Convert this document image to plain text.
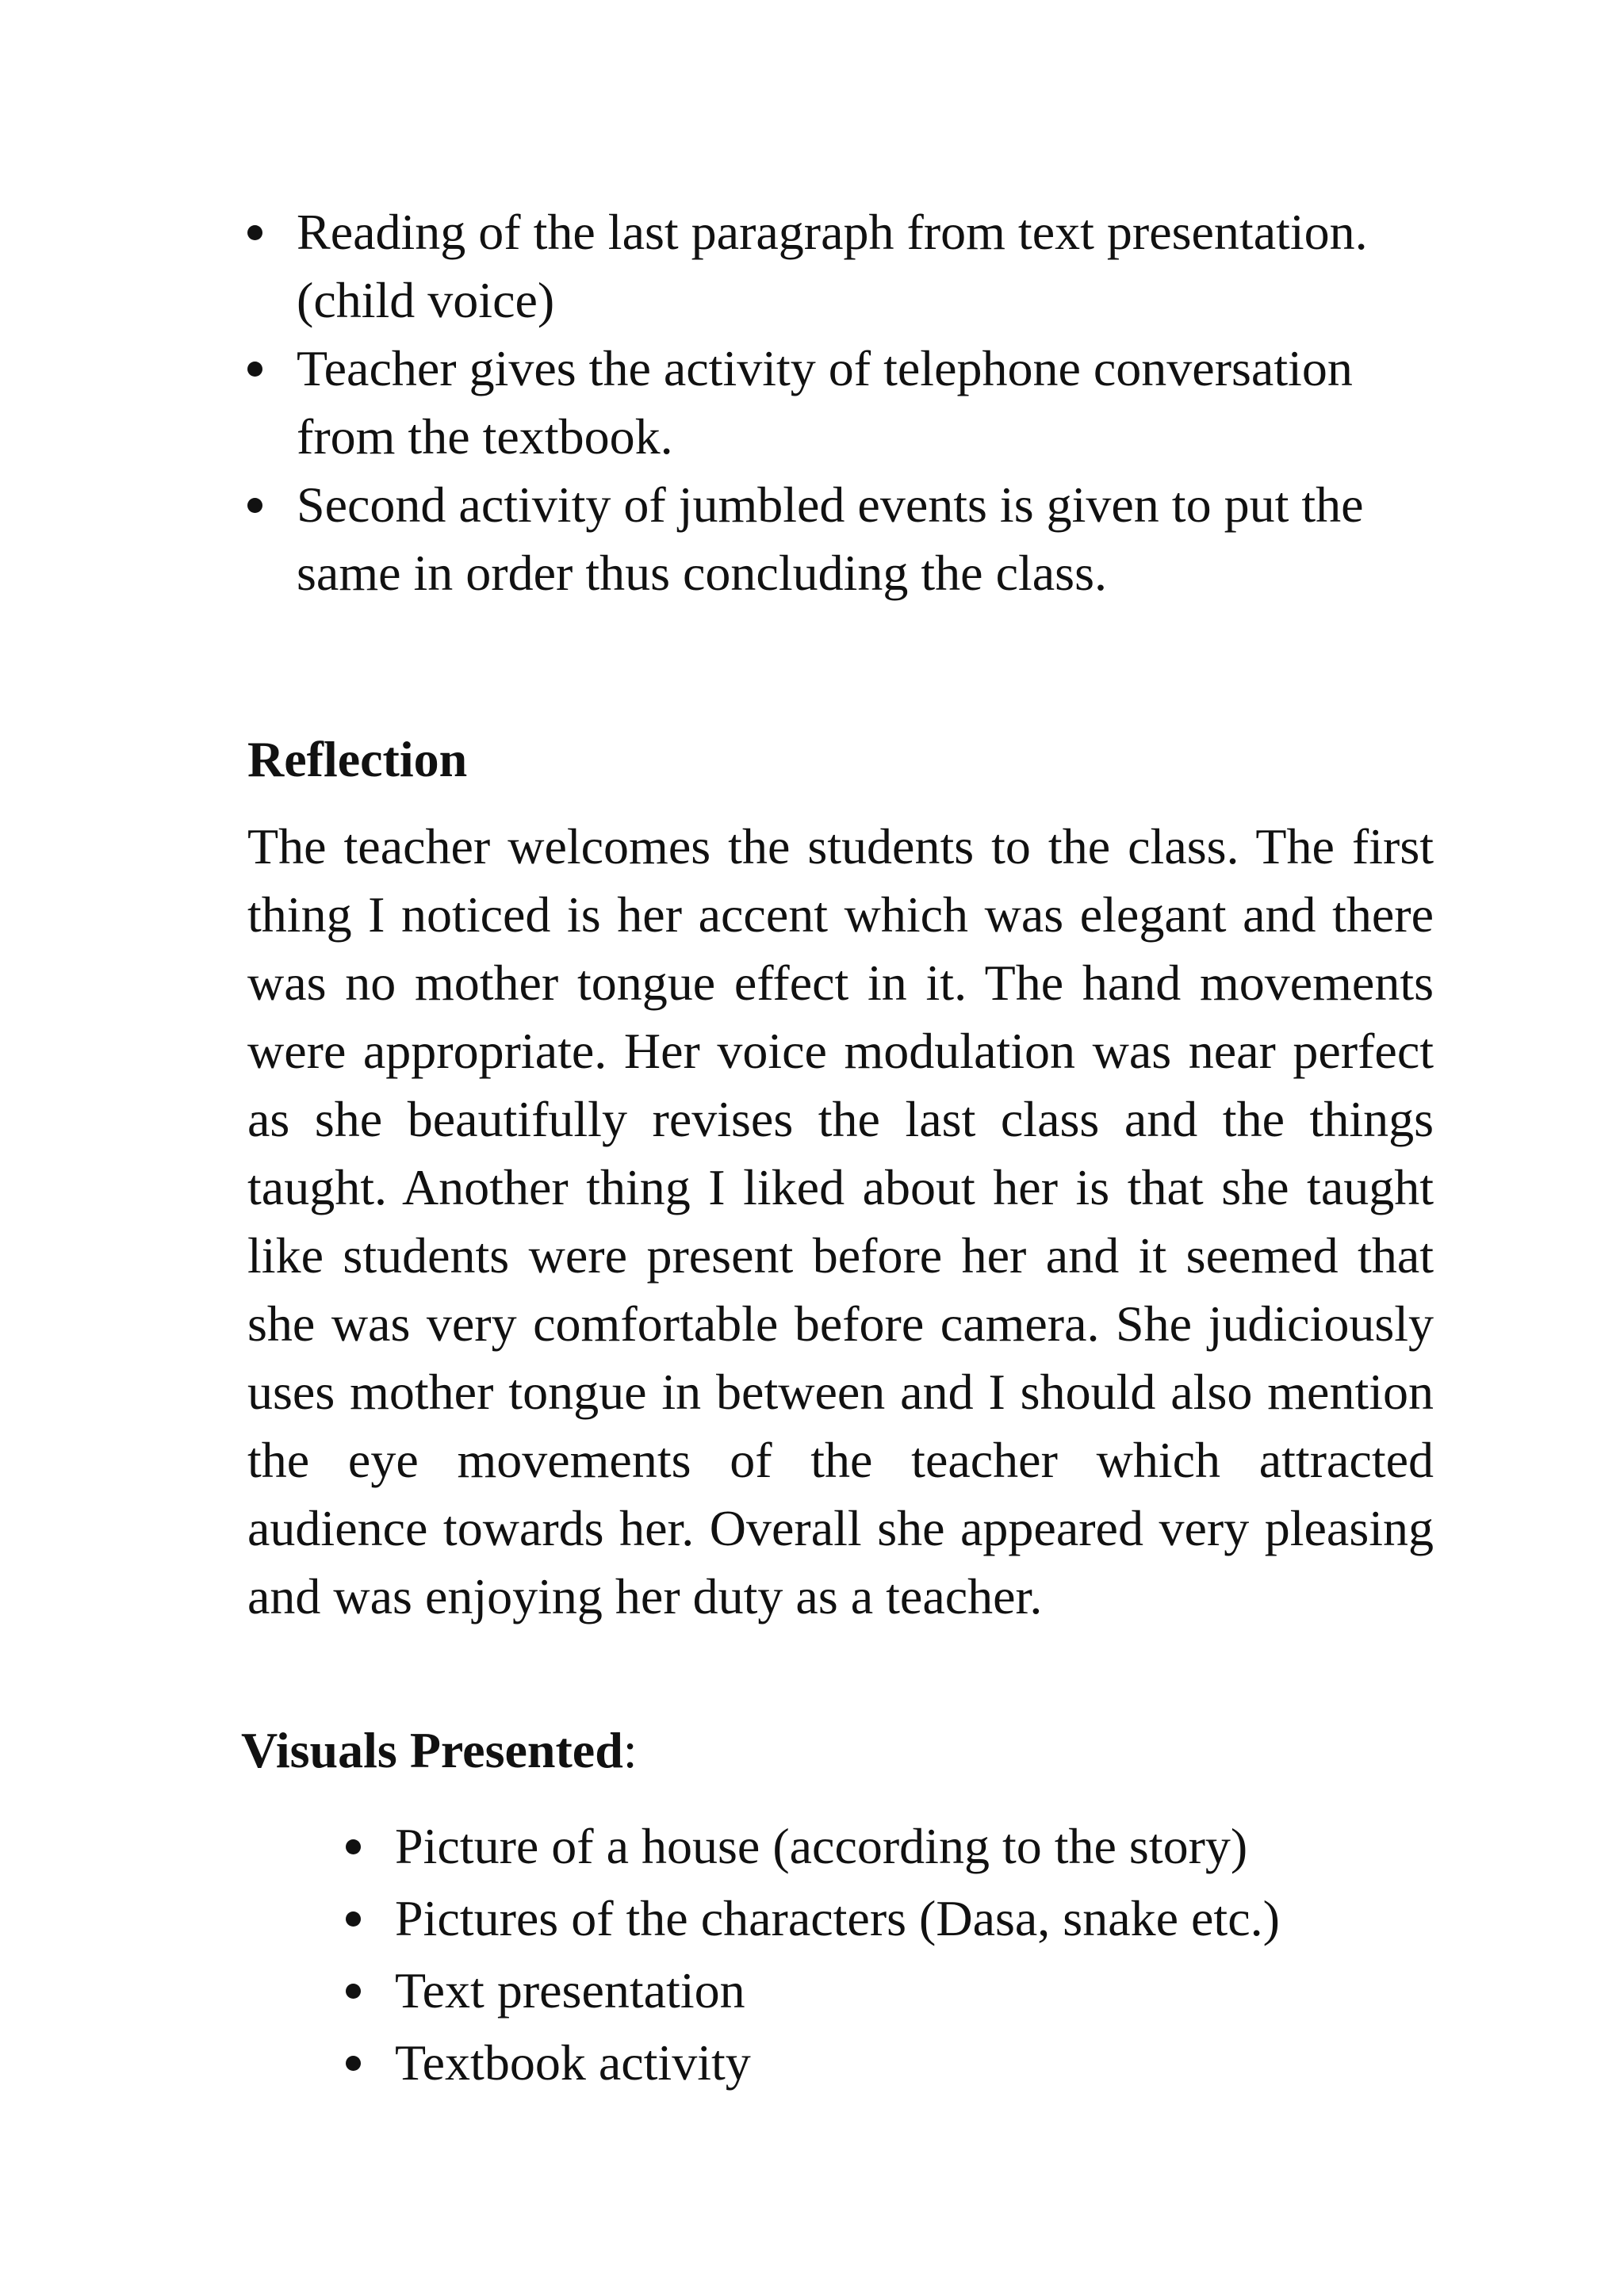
Reading of the last paragraph from text presentation. (child voice)
Teacher gives the activity of telephone conversation from the textbook.
Second activity of jumbled events is given to put the same in order thus concluding the class.
Reflection

The teacher welcomes the students to the class. The first thing I noticed is her accent which was elegant and there was no mother tongue effect in it. The hand movements were appropriate. Her voice modulation was near perfect as she beautifully revises the last class and the things taught. Another thing I liked about her is that she taught like students were present before her and it seemed that she was very comfortable before camera. She judiciously uses mother tongue in between and I should also mention the eye movements of the teacher which attracted audience towards her. Overall she appeared very pleasing and was enjoying her duty as a teacher.

Visuals Presented:
Picture of a house (according to the story)
Pictures of the characters (Dasa, snake etc.)
Text presentation
Textbook activity
